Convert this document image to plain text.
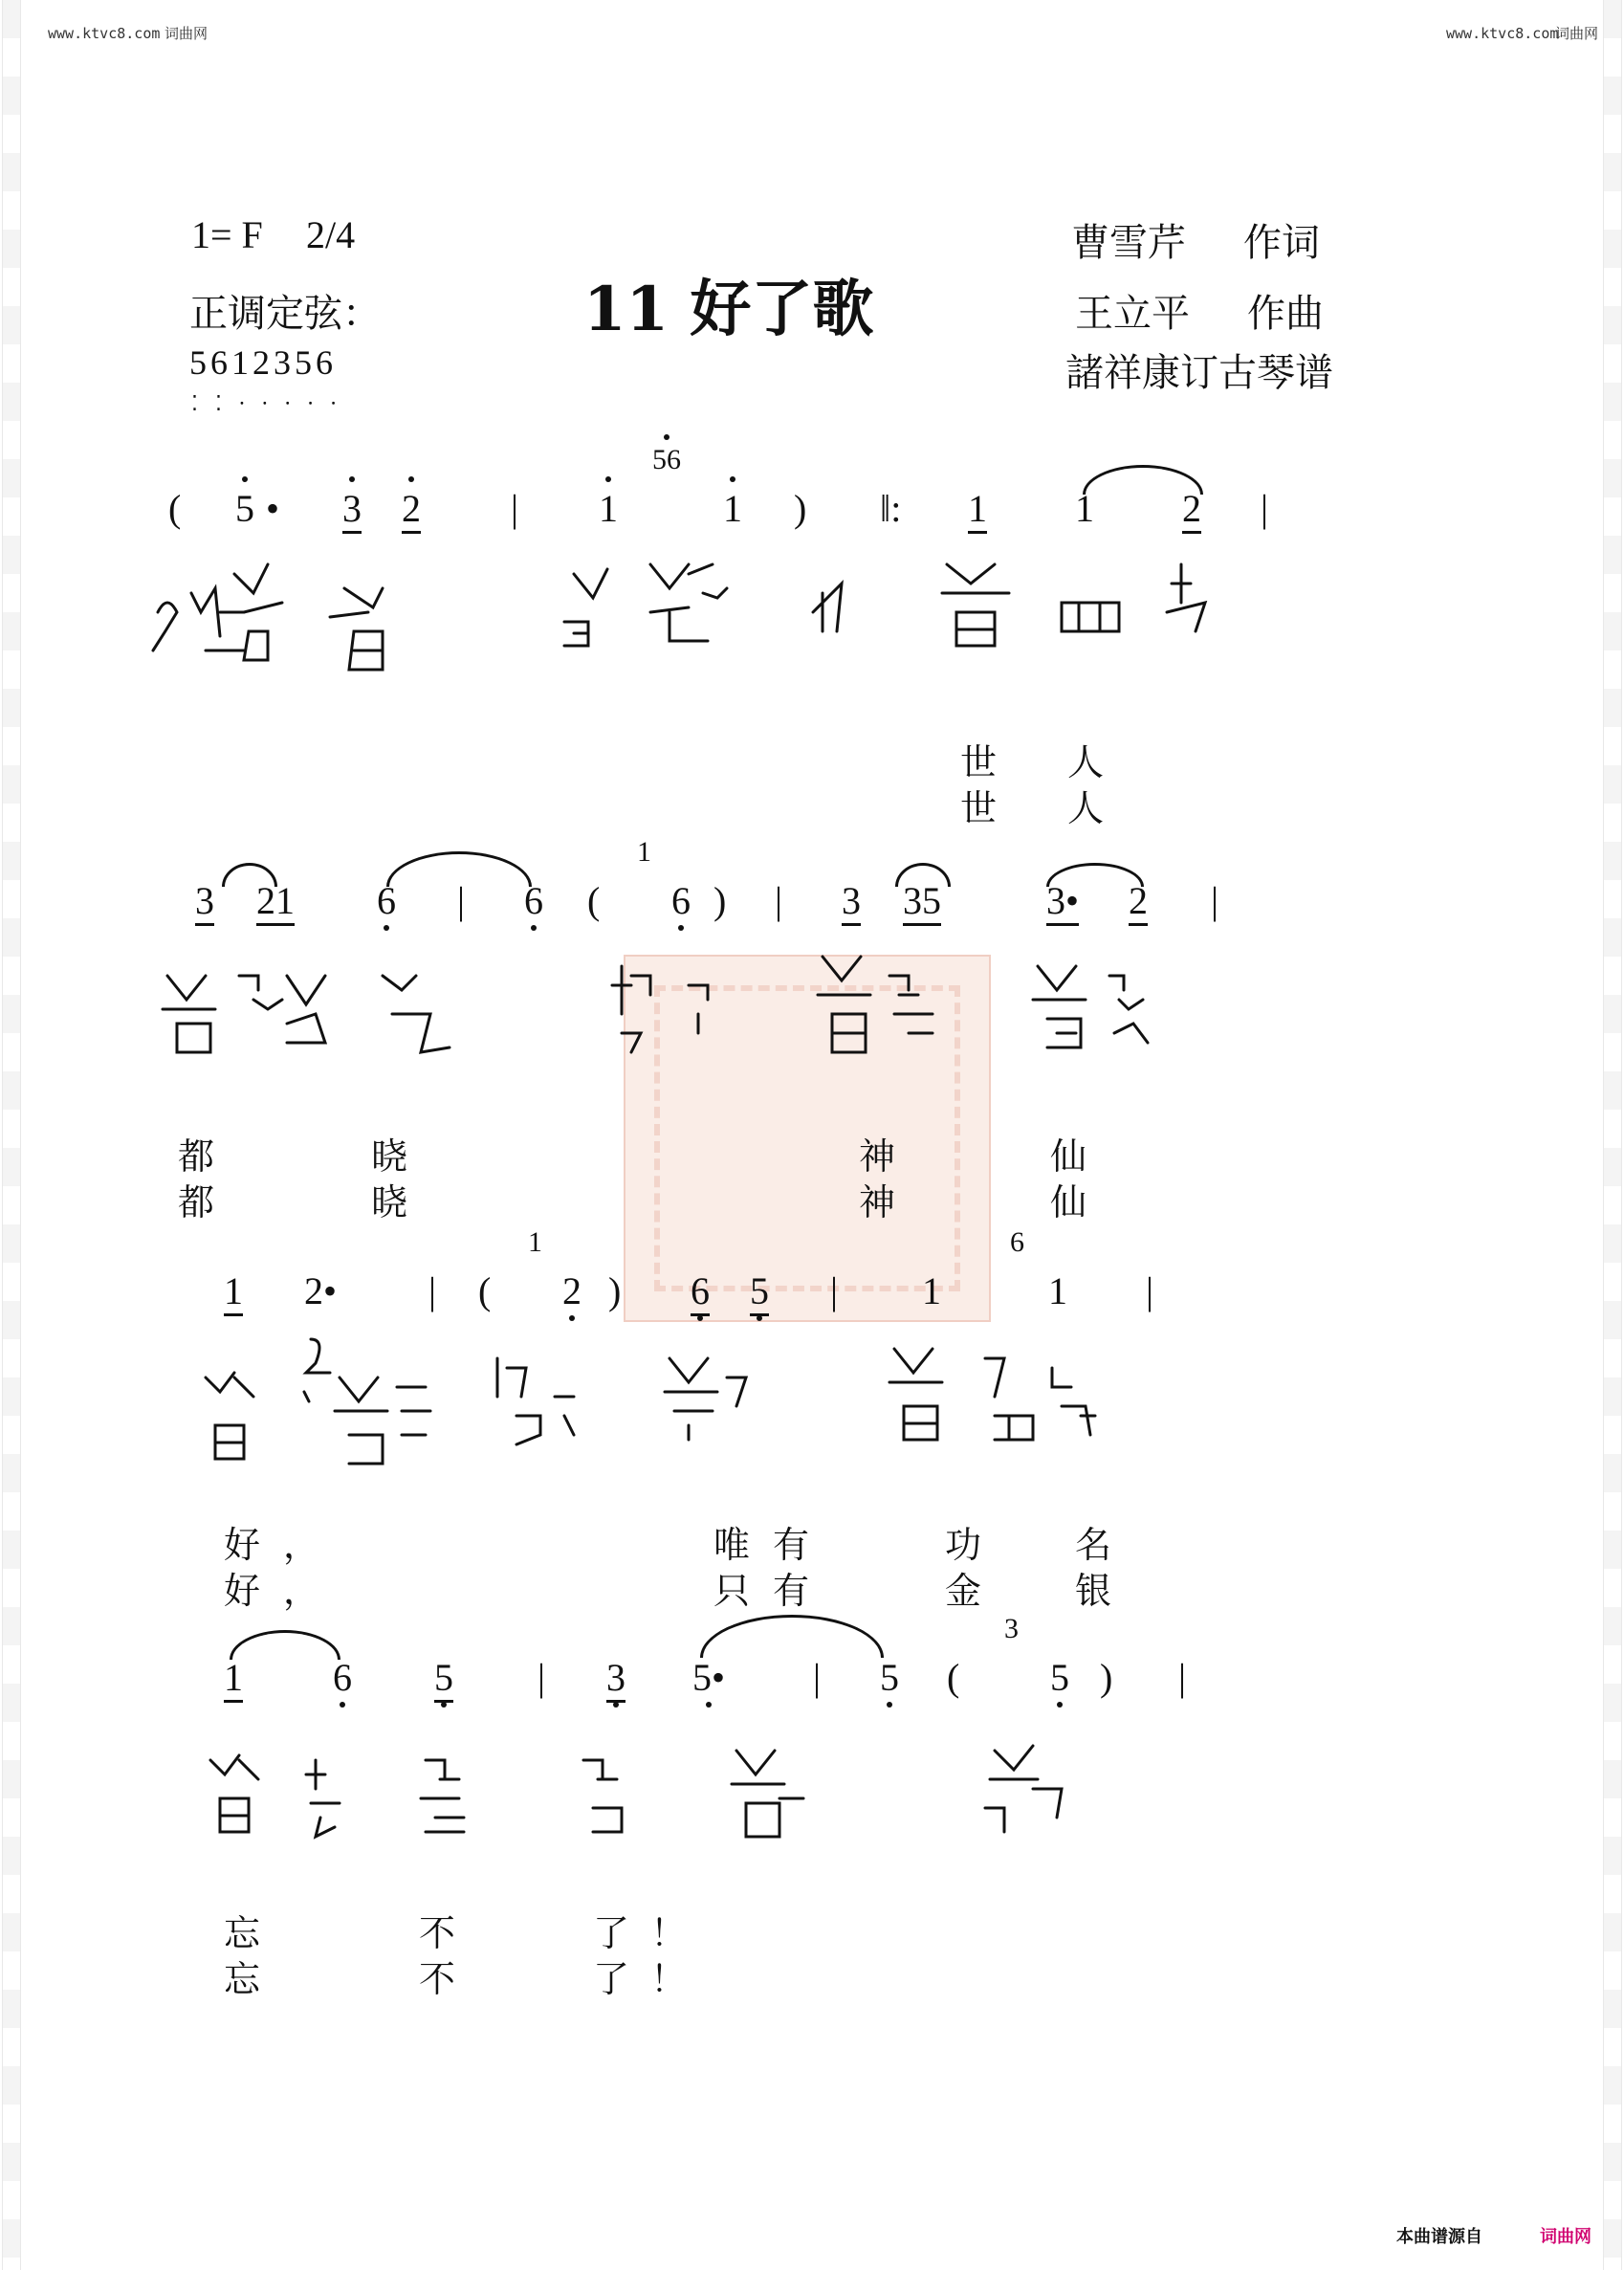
www.ktvc8.com 词曲网	www.ktvc8.com
词曲网
1= F 2/4
正调定弦：
5612356
⁚⁚⸱⸱⸱⸱⸱
11 好了歌
曹雪芹 作词
王立平 作曲
諸祥康订古琴谱
( 5 • 3 2 | 1
56
1 ) ‖: 1 1 2 |
世 人
世 人
3 21 6 | 6 (
1
6 ) | 3 35	3• 2 |
都	晓	神	仙
都	晓	神	仙
1 2• | (
1
2 ) 6 5 | 1
6
1 |
好 ，	唯 有	功	名
好 ，	只 有	金	银
1 6 5 | 3 5• | 5 (
3
5 ) |
忘	不	了 ！
忘	不	了 ！
本曲谱源自	词曲网
